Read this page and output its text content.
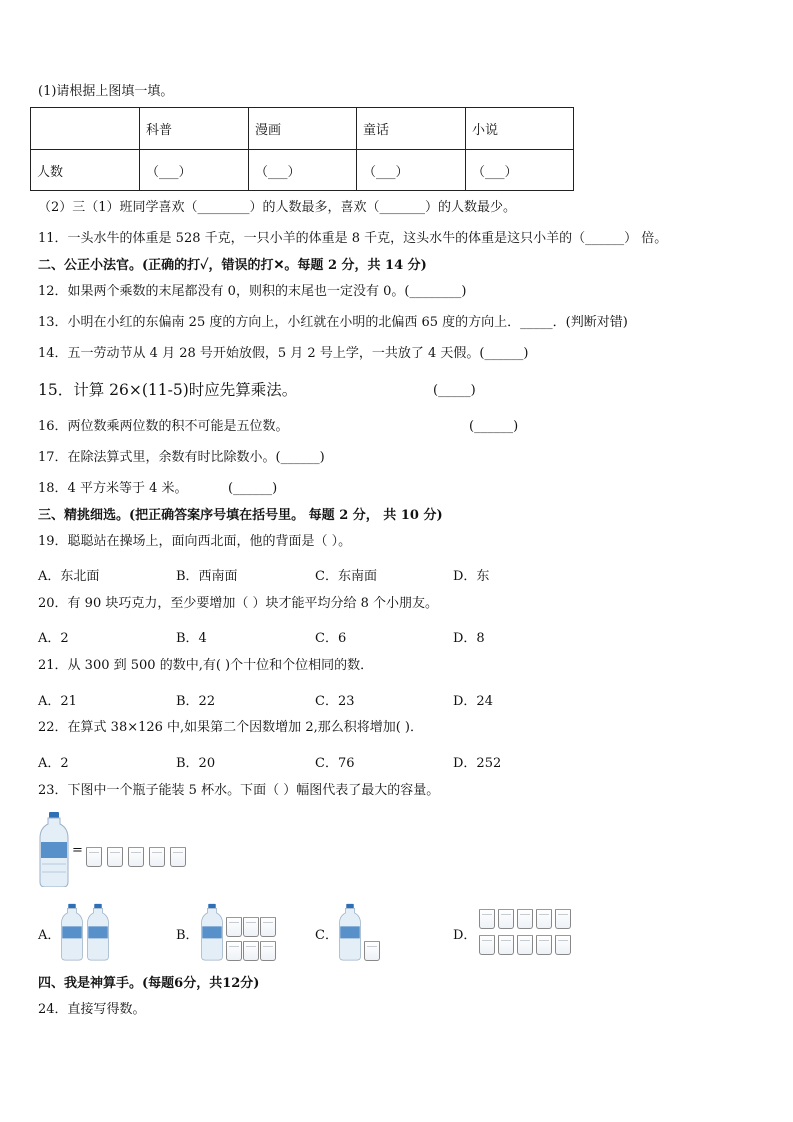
(1)请根据上图填一填。
	科普	漫画	童话	小说
人数	（___）	（___）	（___）	（___）
（2）三（1）班同学喜欢（________）的人数最多，喜欢（_______）的人数最少。
11．一头水牛的体重是 528 千克，一只小羊的体重是 8 千克，这头水牛的体重是这只小羊的（______） 倍。
二、公正小法官。(正确的打✓，错误的打✕。每题 2 分，共 14 分)
12．如果两个乘数的末尾都没有 0，则积的末尾也一定没有 0。(________)
13．小明在小红的东偏南 25 度的方向上，小红就在小明的北偏西 65 度的方向上．_____．(判断对错)
14．五一劳动节从 4 月 28 号开始放假，5 月 2 号上学，一共放了 4 天假。(______)
15．计算 26×(11-5)时应先算乘法。	(_____)
16．两位数乘两位数的积不可能是五位数。	(______)
17．在除法算式里，余数有时比除数小。(______)
18．4 平方米等于 4 米。	(______)
三、精挑细选。(把正确答案序号填在括号里。 每题 2 分， 共 10 分)
19．聪聪站在操场上，面向西北面，他的背面是（ ）。
A．东北面	B．西南面	C．东南面	D．东
20．有 90 块巧克力，至少要增加（ ）块才能平均分给 8 个小朋友。
A．2	B．4	C．6	D．8
21．从 300 到 500 的数中,有( )个十位和个位相同的数．
A．21	B．22	C．23	D．24
22．在算式 38×126 中,如果第二个因数增加 2,那么积将增加( )．
A．2	B．20	C．76	D．252
23．下图中一个瓶子能装 5 杯水。下面（ ）幅图代表了最大的容量。
=
A．	B．	C．	D．
四、我是神算手。(每题6分，共12分)
24．直接写得数。
